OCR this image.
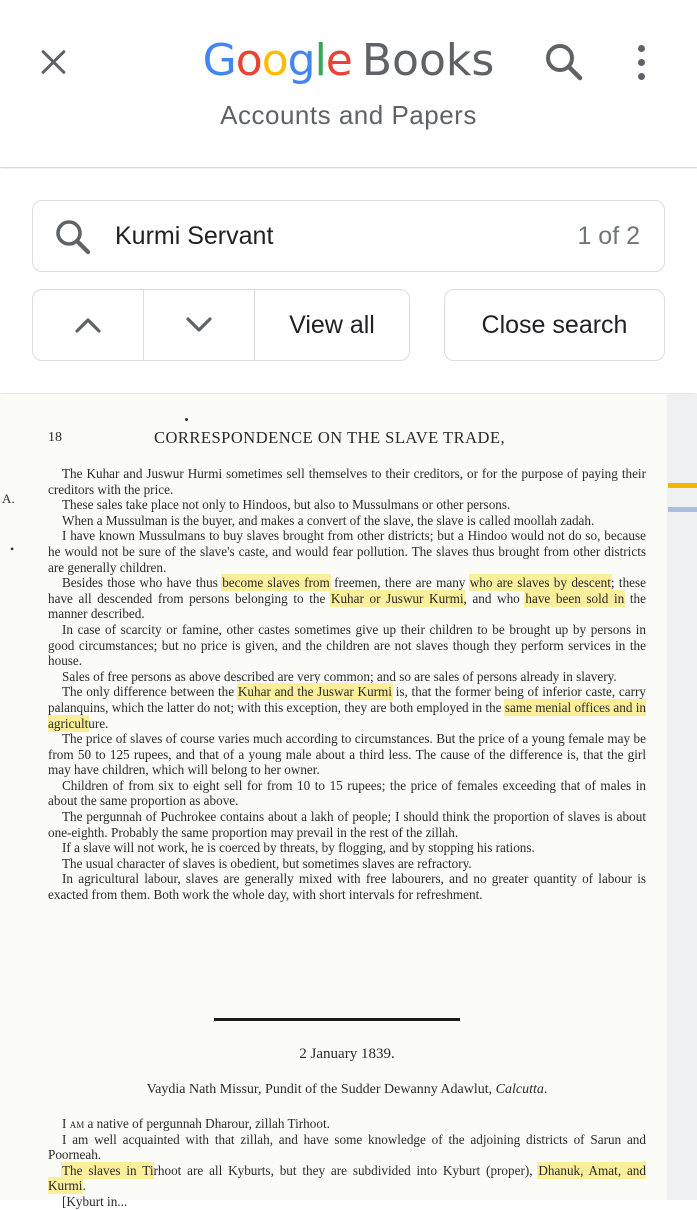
Google Books
Accounts and Papers
Kurmi Servant	1 of 2
View all	Close search
A.
•
18	CORRESPONDENCE ON THE SLAVE TRADE,

The Kuhar and Juswur Hurmi sometimes sell themselves to their creditors, or for the purpose of paying their creditors with the price.

These sales take place not only to Hindoos, but also to Mussulmans or other persons.

When a Mussulman is the buyer, and makes a convert of the slave, the slave is called moollah zadah.

I have known Mussulmans to buy slaves brought from other districts; but a Hindoo would not do so, because he would not be sure of the slave's caste, and would fear pollution. The slaves thus brought from other districts are generally children.

Besides those who have thus become slaves from freemen, there are many who are slaves by descent; these have all descended from persons belonging to the Kuhar or Juswur Kurmi, and who have been sold in the manner described.

In case of scarcity or famine, other castes sometimes give up their children to be brought up by persons in good circumstances; but no price is given, and the children are not slaves though they perform services in the house.

Sales of free persons as above described are very common; and so are sales of persons already in slavery.

The only difference between the Kuhar and the Juswar Kurmi is, that the former being of inferior caste, carry palanquins, which the latter do not; with this exception, they are both employed in the same menial offices and in agriculture.

The price of slaves of course varies much according to circumstances. But the price of a young female may be from 50 to 125 rupees, and that of a young male about a third less. The cause of the difference is, that the girl may have children, which will belong to her owner.

Children of from six to eight sell for from 10 to 15 rupees; the price of females exceeding that of males in about the same proportion as above.

The pergunnah of Puchrokee contains about a lakh of people; I should think the proportion of slaves is about one-eighth. Probably the same proportion may prevail in the rest of the zillah.

If a slave will not work, he is coerced by threats, by flogging, and by stopping his rations.

The usual character of slaves is obedient, but sometimes slaves are refractory.

In agricultural labour, slaves are generally mixed with free labourers, and no greater quantity of labour is exacted from them. Both work the whole day, with short intervals for refreshment.

2 January 1839.
Vaydia Nath Missur, Pundit of the Sudder Dewanny Adawlut, Calcutta.

I am a native of pergunnah Dharour, zillah Tirhoot.

I am well acquainted with that zillah, and have some knowledge of the adjoining districts of Sarun and Poorneah.

The slaves in Tirhoot are all Kyburts, but they are subdivided into Kyburt (proper), Dhanuk, Amat, and Kurmi.

[Kyburt in...
